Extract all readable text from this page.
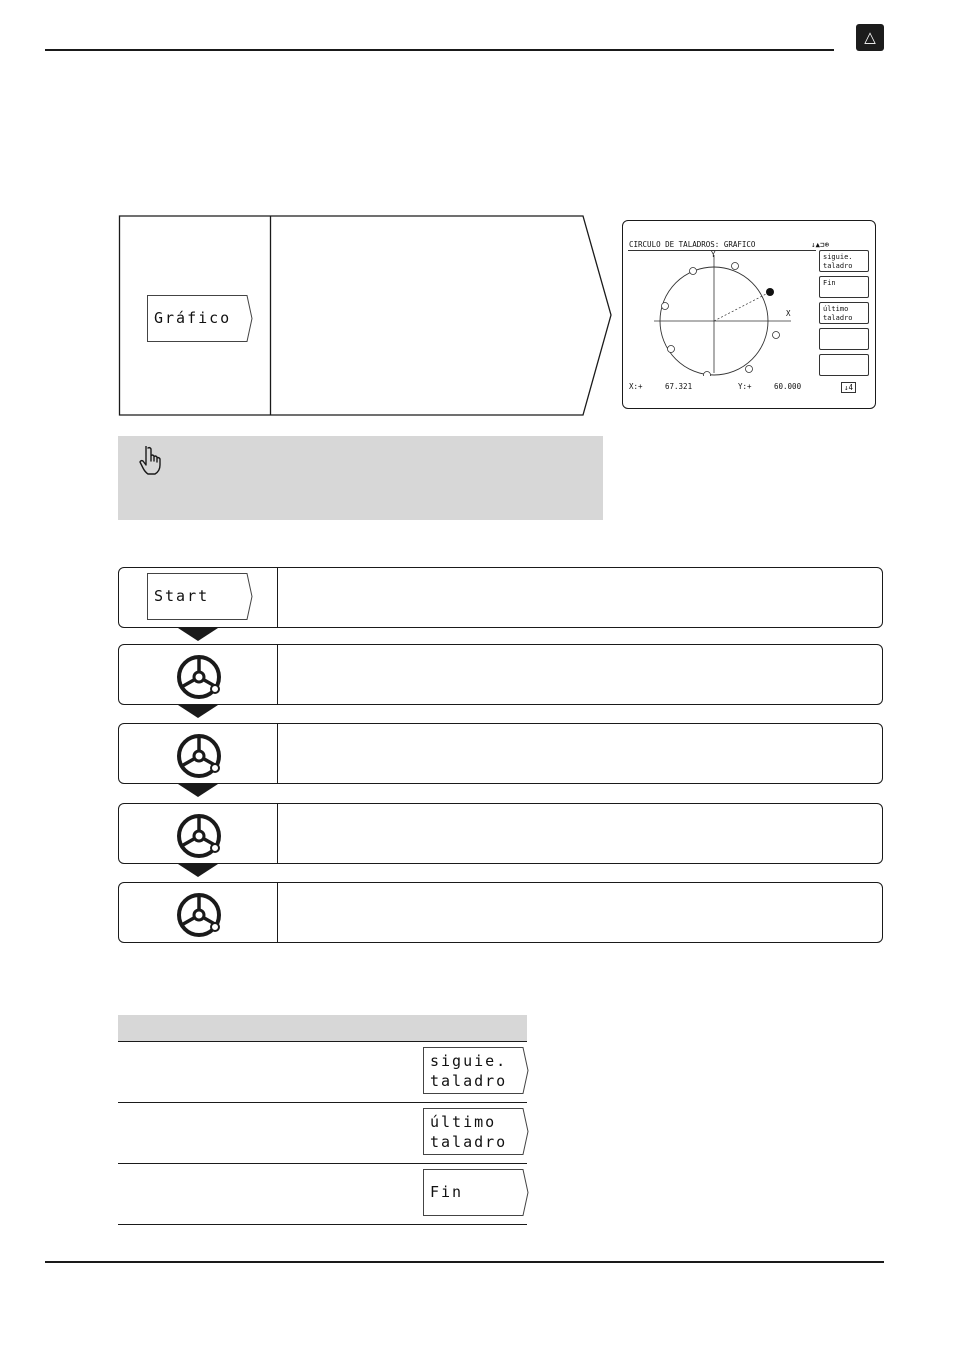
△
Gráfico
CIRCULO DE TALADROS: GRAFICO	↓▲⊐⊕
Y
X
siguie.
taladro
Fin
último
taladro
X:+	67.321	Y:+	60.000	↓4
Start
siguie.
taladro
último
taladro
Fin
